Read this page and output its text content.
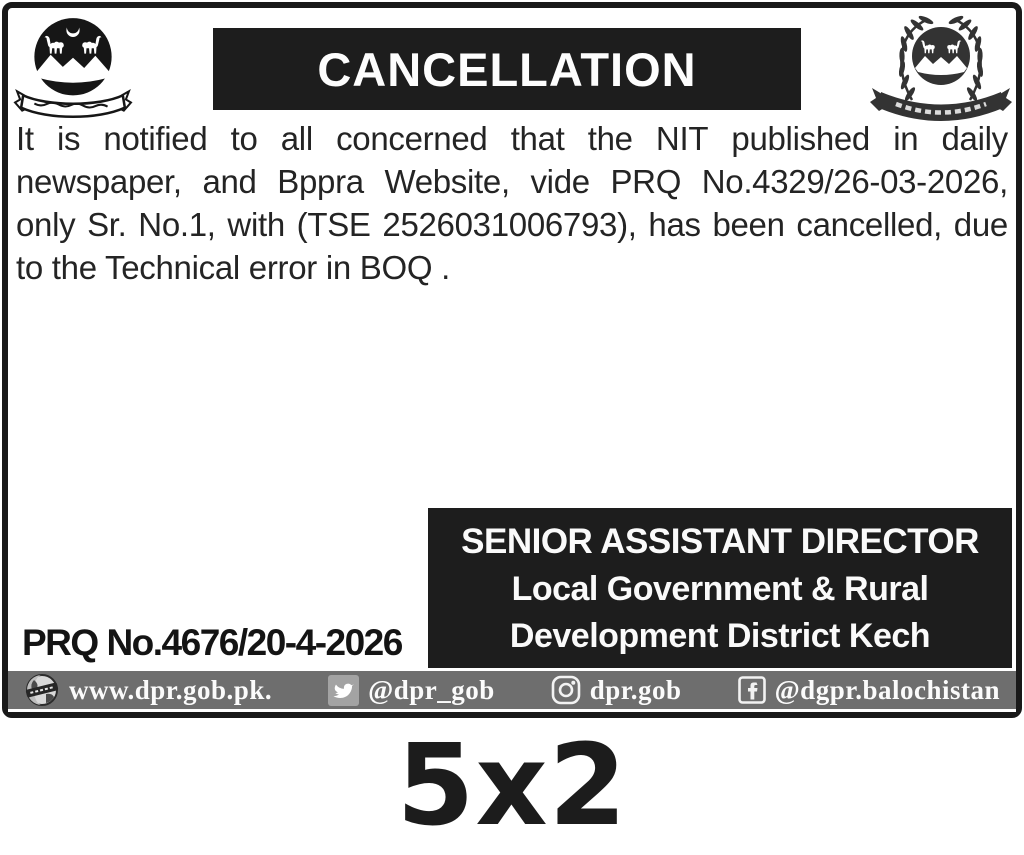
CANCELLATION
It is notified to all concerned that the NIT published in daily
newspaper, and Bppra Website, vide PRQ No.4329/26-03-2026,
only Sr. No.1, with (TSE 2526031006793), has been cancelled, due
to the Technical error in BOQ .
SENIOR ASSISTANT DIRECTOR
Local Government & Rural
Development District Kech
PRQ No.4676/20-4-2026
www.dpr.gob.pk.	@dpr_gob	dpr.gob	@dgpr.balochistan
5x2
